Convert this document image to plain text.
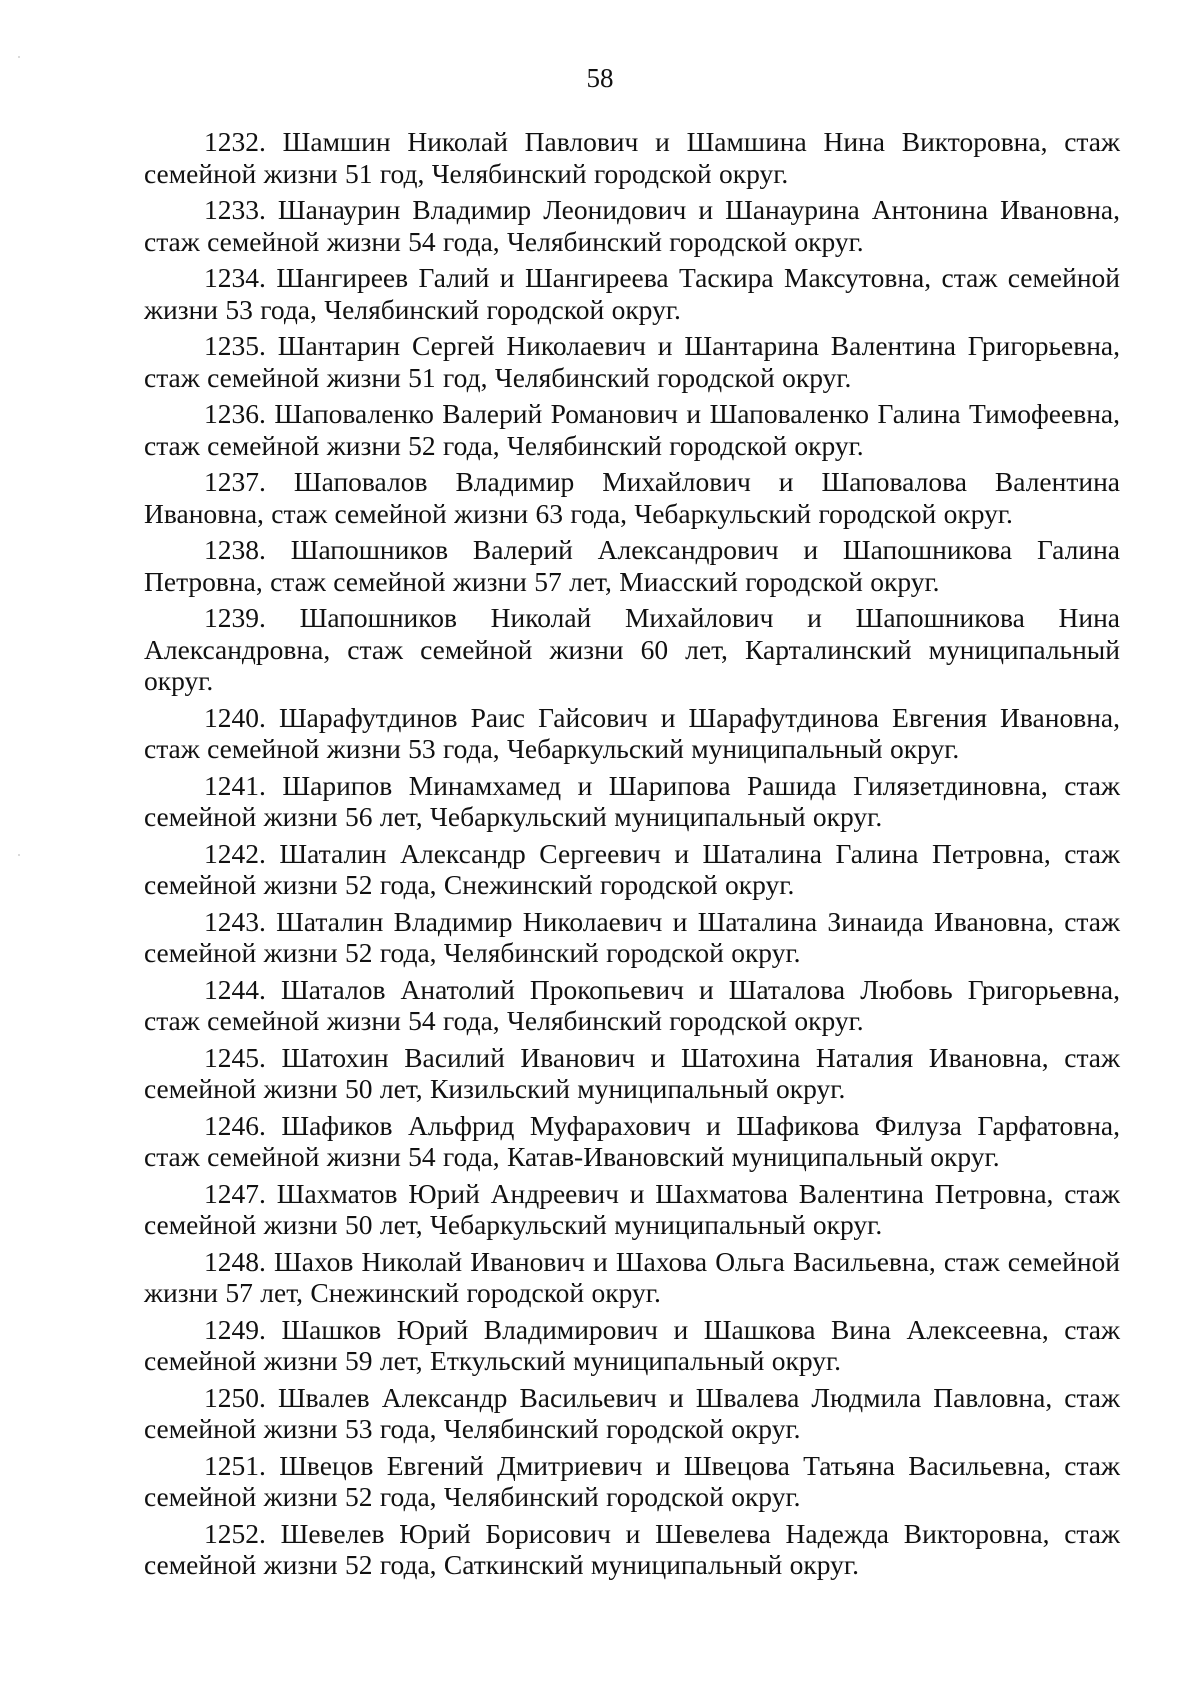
58

1232. Шамшин Николай Павлович и Шамшина Нина Викторовна, стаж семейной жизни 51 год, Челябинский городской округ.

1233. Шанаурин Владимир Леонидович и Шанаурина Антонина Ивановна, стаж семейной жизни 54 года, Челябинский городской округ.

1234. Шангиреев Галий и Шангиреева Таскира Максутовна, стаж семейной жизни 53 года, Челябинский городской округ.

1235. Шантарин Сергей Николаевич и Шантарина Валентина Григорьевна, стаж семейной жизни 51 год, Челябинский городской округ.

1236. Шаповаленко Валерий Романович и Шаповаленко Галина Тимофеевна, стаж семейной жизни 52 года, Челябинский городской округ.

1237. Шаповалов Владимир Михайлович и Шаповалова Валентина Ивановна, стаж семейной жизни 63 года, Чебаркульский городской округ.

1238. Шапошников Валерий Александрович и Шапошникова Галина Петровна, стаж семейной жизни 57 лет, Миасский городской округ.

1239. Шапошников Николай Михайлович и Шапошникова Нина Александровна, стаж семейной жизни 60 лет, Карталинский муниципальный округ.

1240. Шарафутдинов Раис Гайсович и Шарафутдинова Евгения Ивановна, стаж семейной жизни 53 года, Чебаркульский муниципальный округ.

1241. Шарипов Минамхамед и Шарипова Рашида Гилязетдиновна, стаж семейной жизни 56 лет, Чебаркульский муниципальный округ.

1242. Шаталин Александр Сергеевич и Шаталина Галина Петровна, стаж семейной жизни 52 года, Снежинский городской округ.

1243. Шаталин Владимир Николаевич и Шаталина Зинаида Ивановна, стаж семейной жизни 52 года, Челябинский городской округ.

1244. Шаталов Анатолий Прокопьевич и Шаталова Любовь Григорьевна, стаж семейной жизни 54 года, Челябинский городской округ.

1245. Шатохин Василий Иванович и Шатохина Наталия Ивановна, стаж семейной жизни 50 лет, Кизильский муниципальный округ.

1246. Шафиков Альфрид Муфарахович и Шафикова Филуза Гарфатовна, стаж семейной жизни 54 года, Катав-Ивановский муниципальный округ.

1247. Шахматов Юрий Андреевич и Шахматова Валентина Петровна, стаж семейной жизни 50 лет, Чебаркульский муниципальный округ.

1248. Шахов Николай Иванович и Шахова Ольга Васильевна, стаж семейной жизни 57 лет, Снежинский городской округ.

1249. Шашков Юрий Владимирович и Шашкова Вина Алексеевна, стаж семейной жизни 59 лет, Еткульский муниципальный округ.

1250. Швалев Александр Васильевич и Швалева Людмила Павловна, стаж семейной жизни 53 года, Челябинский городской округ.

1251. Швецов Евгений Дмитриевич и Швецова Татьяна Васильевна, стаж семейной жизни 52 года, Челябинский городской округ.

1252. Шевелев Юрий Борисович и Шевелева Надежда Викторовна, стаж семейной жизни 52 года, Саткинский муниципальный округ.
